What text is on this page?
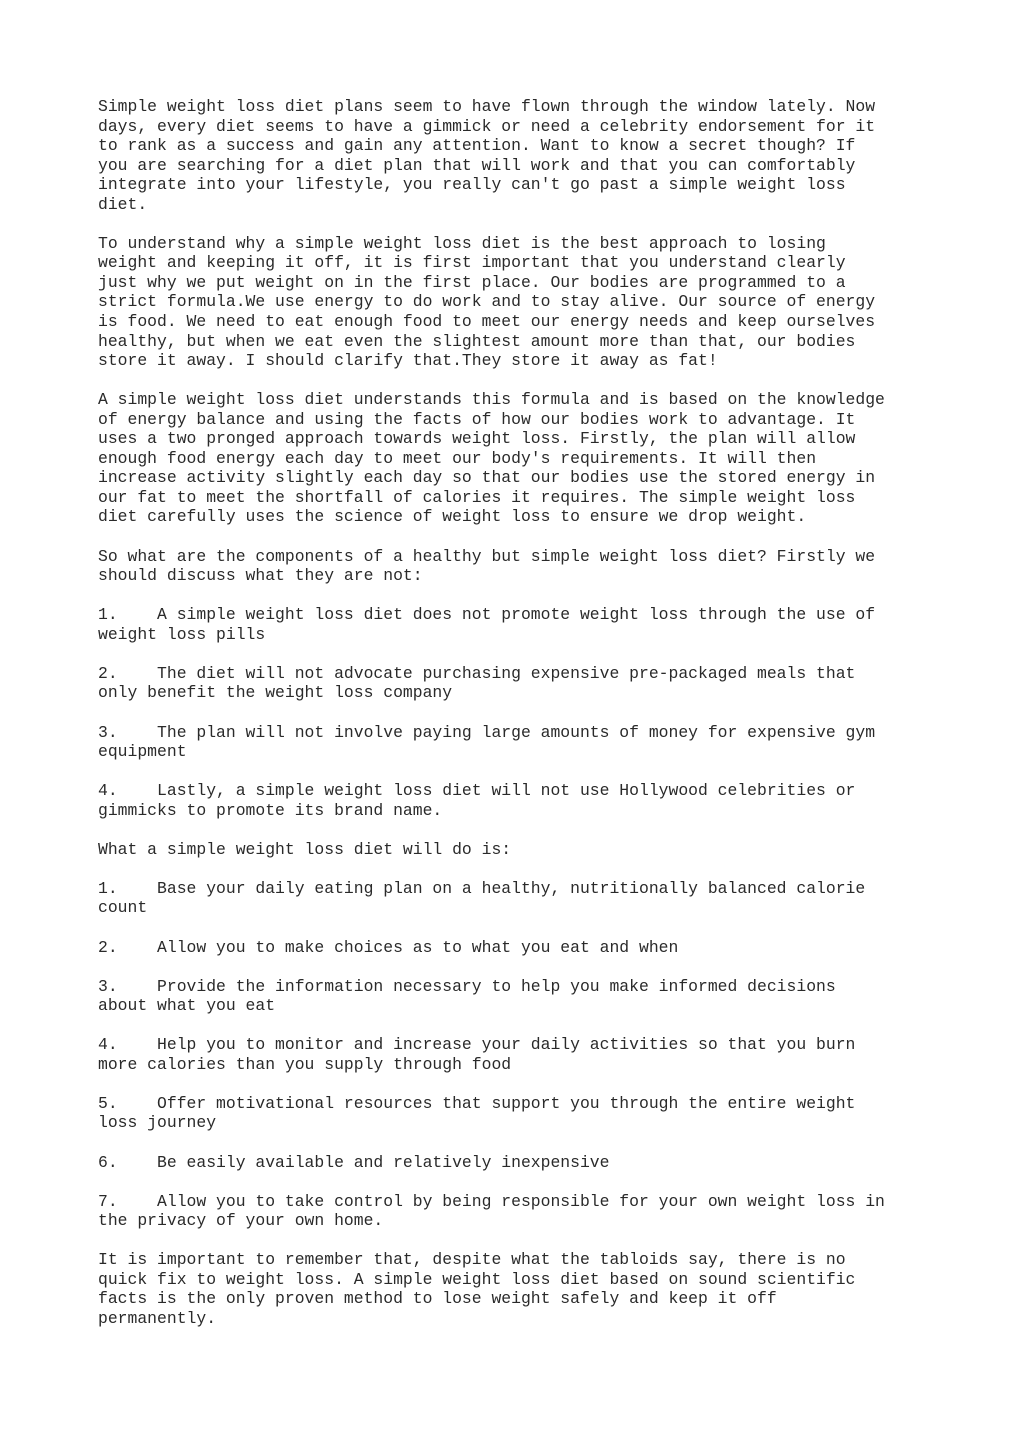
Simple weight loss diet plans seem to have flown through the window lately. Now
days, every diet seems to have a gimmick or need a celebrity endorsement for it
to rank as a success and gain any attention. Want to know a secret though? If
you are searching for a diet plan that will work and that you can comfortably
integrate into your lifestyle, you really can't go past a simple weight loss
diet.

To understand why a simple weight loss diet is the best approach to losing
weight and keeping it off, it is first important that you understand clearly
just why we put weight on in the first place. Our bodies are programmed to a
strict formula.We use energy to do work and to stay alive. Our source of energy
is food. We need to eat enough food to meet our energy needs and keep ourselves
healthy, but when we eat even the slightest amount more than that, our bodies
store it away. I should clarify that.They store it away as fat!

A simple weight loss diet understands this formula and is based on the knowledge
of energy balance and using the facts of how our bodies work to advantage. It
uses a two pronged approach towards weight loss. Firstly, the plan will allow
enough food energy each day to meet our body's requirements. It will then
increase activity slightly each day so that our bodies use the stored energy in
our fat to meet the shortfall of calories it requires. The simple weight loss
diet carefully uses the science of weight loss to ensure we drop weight.

So what are the components of a healthy but simple weight loss diet? Firstly we
should discuss what they are not:

1.    A simple weight loss diet does not promote weight loss through the use of
weight loss pills

2.    The diet will not advocate purchasing expensive pre-packaged meals that
only benefit the weight loss company

3.    The plan will not involve paying large amounts of money for expensive gym
equipment

4.    Lastly, a simple weight loss diet will not use Hollywood celebrities or
gimmicks to promote its brand name.

What a simple weight loss diet will do is:

1.    Base your daily eating plan on a healthy, nutritionally balanced calorie
count

2.    Allow you to make choices as to what you eat and when

3.    Provide the information necessary to help you make informed decisions
about what you eat

4.    Help you to monitor and increase your daily activities so that you burn
more calories than you supply through food

5.    Offer motivational resources that support you through the entire weight
loss journey

6.    Be easily available and relatively inexpensive

7.    Allow you to take control by being responsible for your own weight loss in
the privacy of your own home.

It is important to remember that, despite what the tabloids say, there is no
quick fix to weight loss. A simple weight loss diet based on sound scientific
facts is the only proven method to lose weight safely and keep it off
permanently.
